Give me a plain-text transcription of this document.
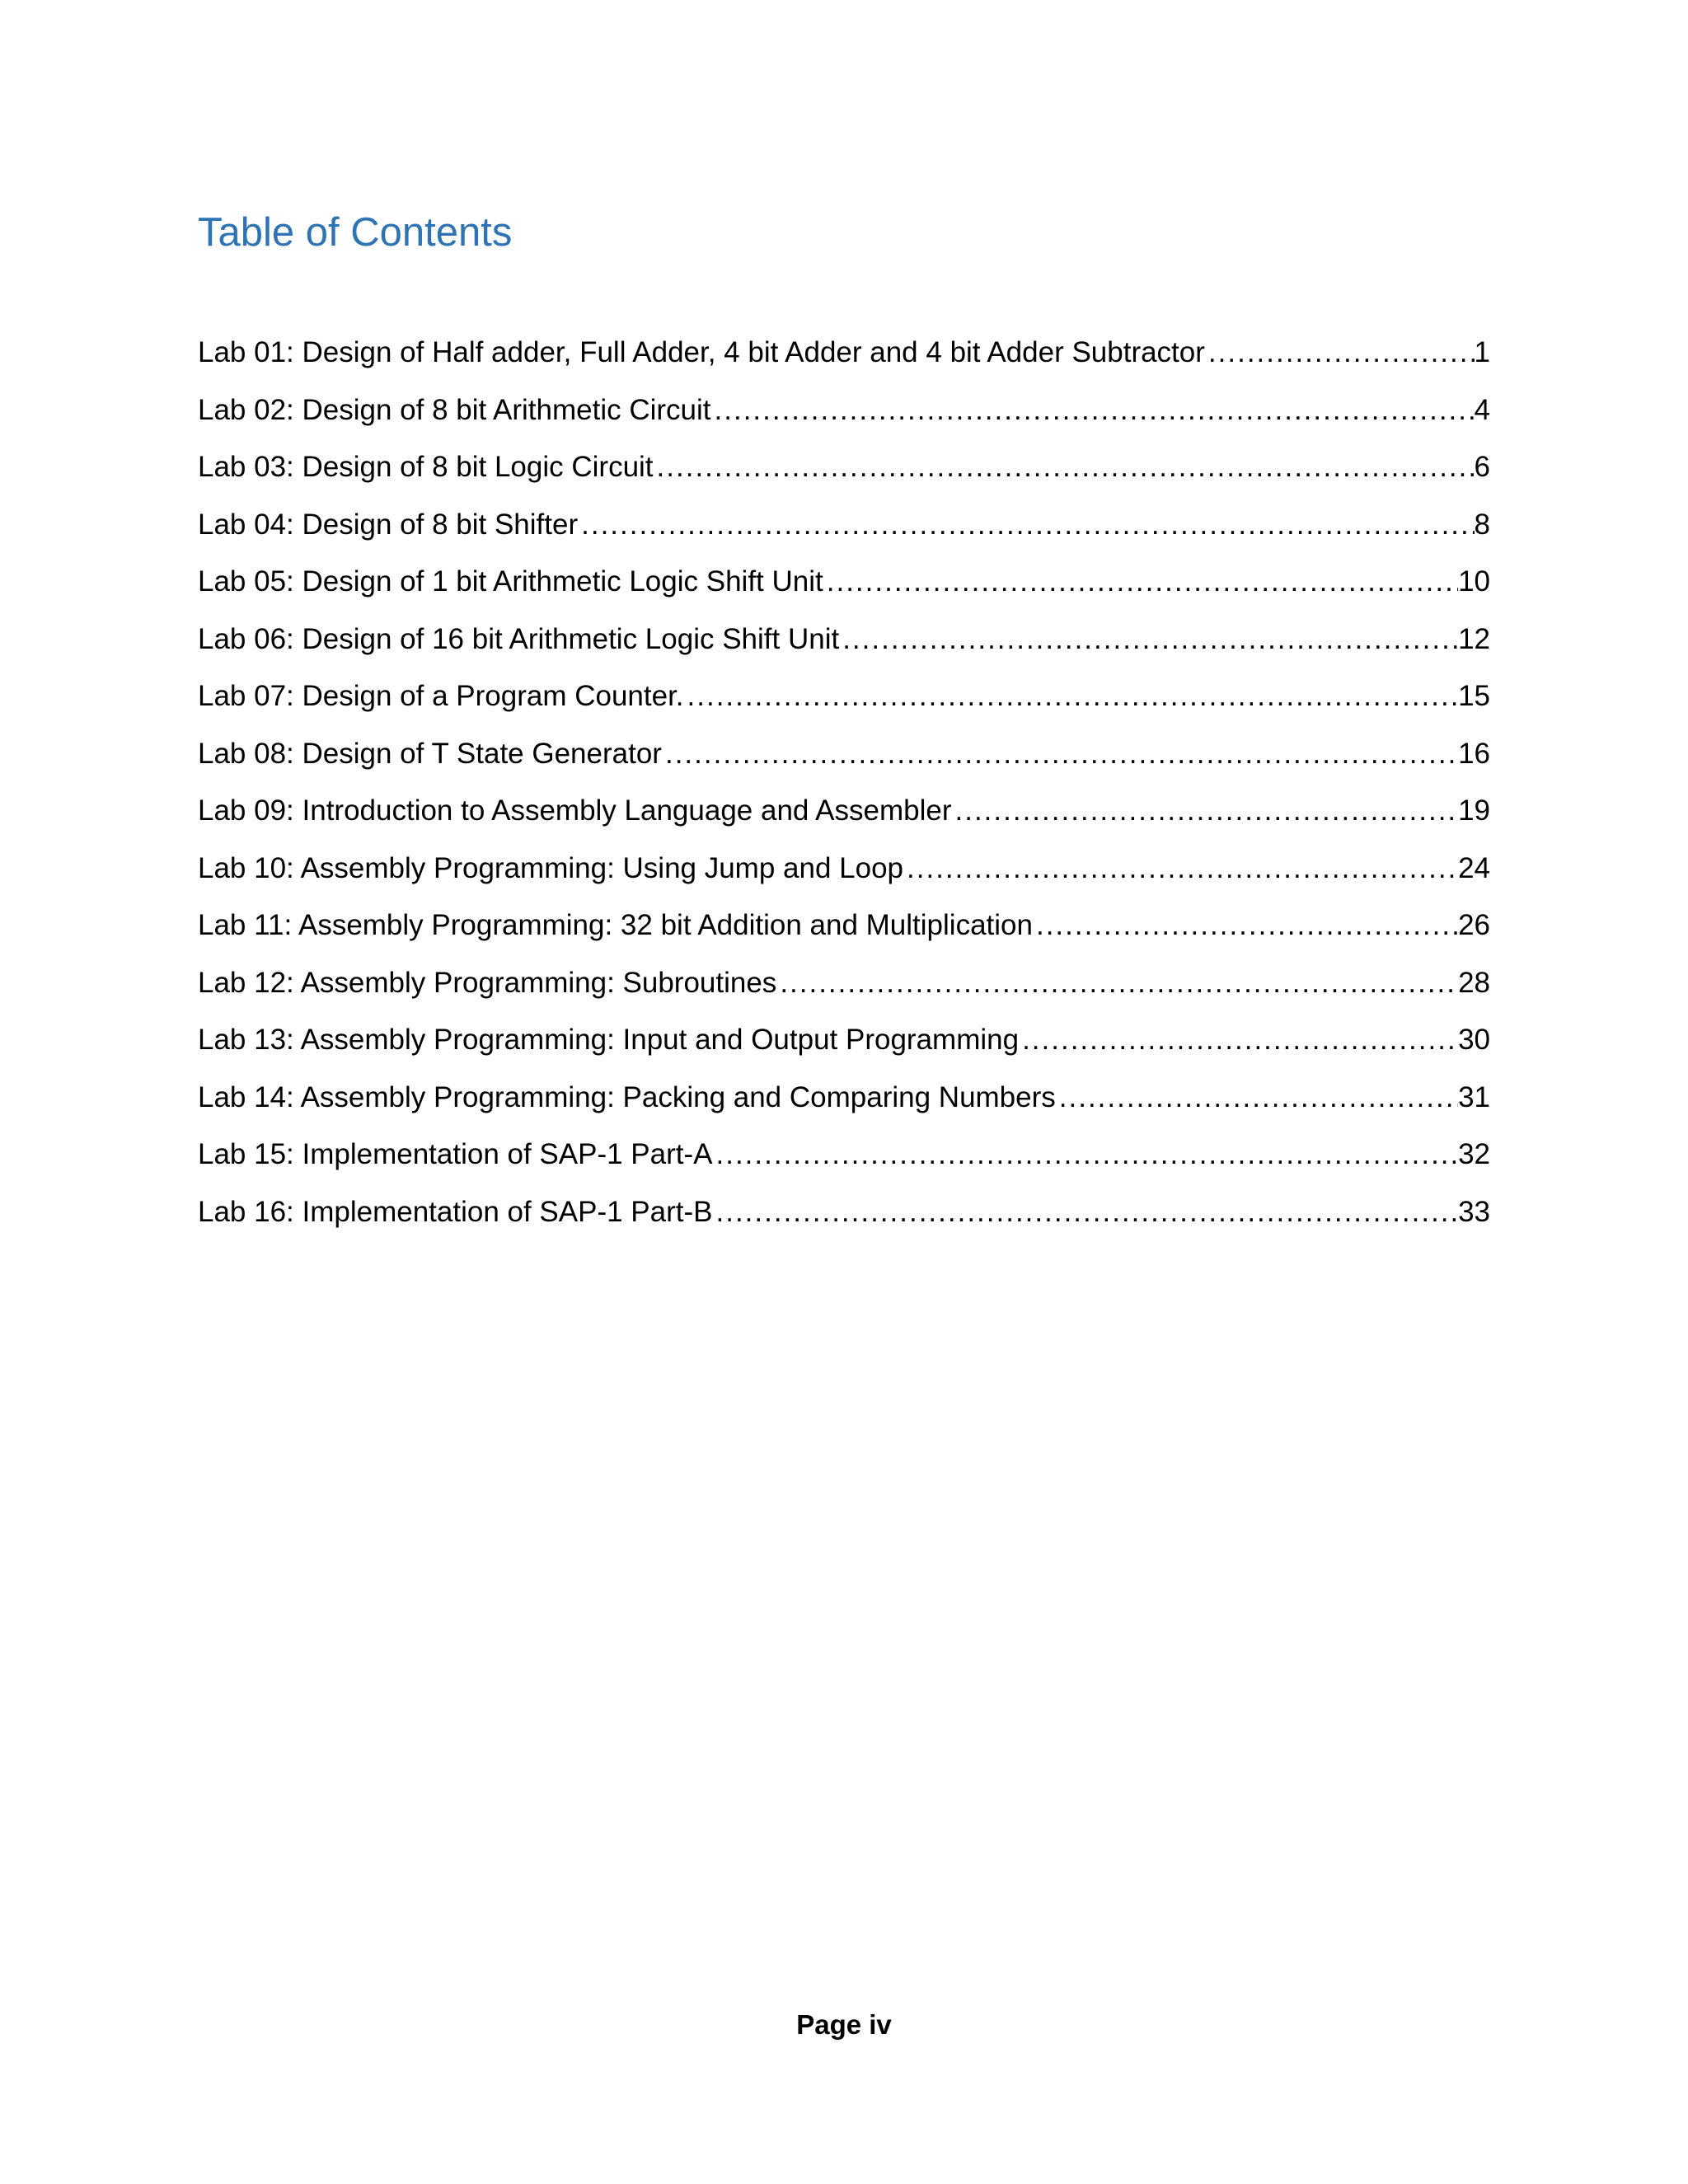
Table of Contents
Lab 01: Design of Half adder, Full Adder, 4 bit Adder and 4 bit Adder Subtractor .....	1
Lab 02: Design of 8 bit Arithmetic Circuit .....	4
Lab 03: Design of 8 bit Logic Circuit .....	6
Lab 04: Design of 8 bit Shifter .....	8
Lab 05: Design of 1 bit Arithmetic Logic Shift Unit .....	10
Lab 06: Design of 16 bit Arithmetic Logic Shift Unit .....	12
Lab 07: Design of a Program Counter. .....	15
Lab 08: Design of T State Generator .....	16
Lab 09: Introduction to Assembly Language and Assembler .....	19
Lab 10: Assembly Programming: Using Jump and Loop .....	24
Lab 11: Assembly Programming: 32 bit Addition and Multiplication .....	26
Lab 12: Assembly Programming: Subroutines .....	28
Lab 13: Assembly Programming: Input and Output Programming .....	30
Lab 14: Assembly Programming: Packing and Comparing Numbers .....	31
Lab 15: Implementation of SAP-1 Part-A .....	32
Lab 16: Implementation of SAP-1 Part-B .....	33
Page iv
